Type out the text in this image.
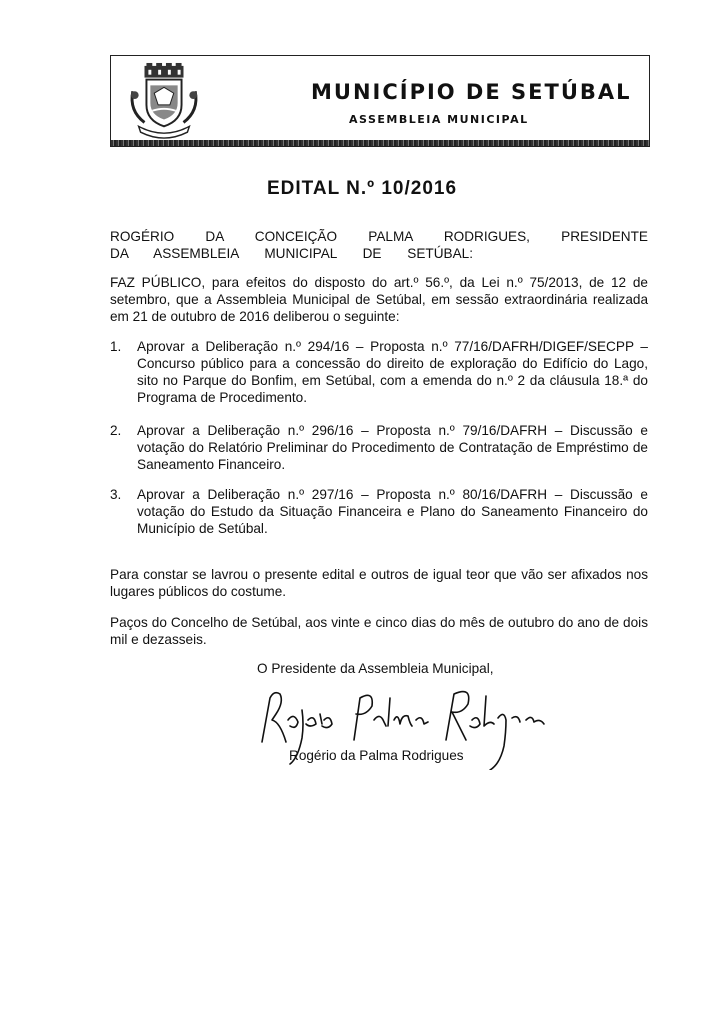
MUNICÍPIO DE SETÚBAL
ASSEMBLEIA MUNICIPAL
EDITAL N.º 10/2016
ROGÉRIO DA CONCEIÇÃO PALMA RODRIGUES, PRESIDENTE DA ASSEMBLEIA MUNICIPAL DE SETÚBAL:
FAZ PÚBLICO, para efeitos do disposto do art.º 56.º, da Lei n.º 75/2013, de 12 de setembro, que a Assembleia Municipal de Setúbal, em sessão extraordinária realizada em 21 de outubro de 2016 deliberou o seguinte:
1. Aprovar a Deliberação n.º 294/16 – Proposta n.º 77/16/DAFRH/DIGEF/SECPP – Concurso público para a concessão do direito de exploração do Edifício do Lago, sito no Parque do Bonfim, em Setúbal, com a emenda do n.º 2 da cláusula 18.ª do Programa de Procedimento.
2. Aprovar a Deliberação n.º 296/16 – Proposta n.º 79/16/DAFRH – Discussão e votação do Relatório Preliminar do Procedimento de Contratação de Empréstimo de Saneamento Financeiro.
3. Aprovar a Deliberação n.º 297/16 – Proposta n.º 80/16/DAFRH – Discussão e votação do Estudo da Situação Financeira e Plano do Saneamento Financeiro do Município de Setúbal.
Para constar se lavrou o presente edital e outros de igual teor que vão ser afixados nos lugares públicos do costume.
Paços do Concelho de Setúbal, aos vinte e cinco dias do mês de outubro do ano de dois mil e dezasseis.
O Presidente da Assembleia Municipal,
Rogério da Palma Rodrigues
